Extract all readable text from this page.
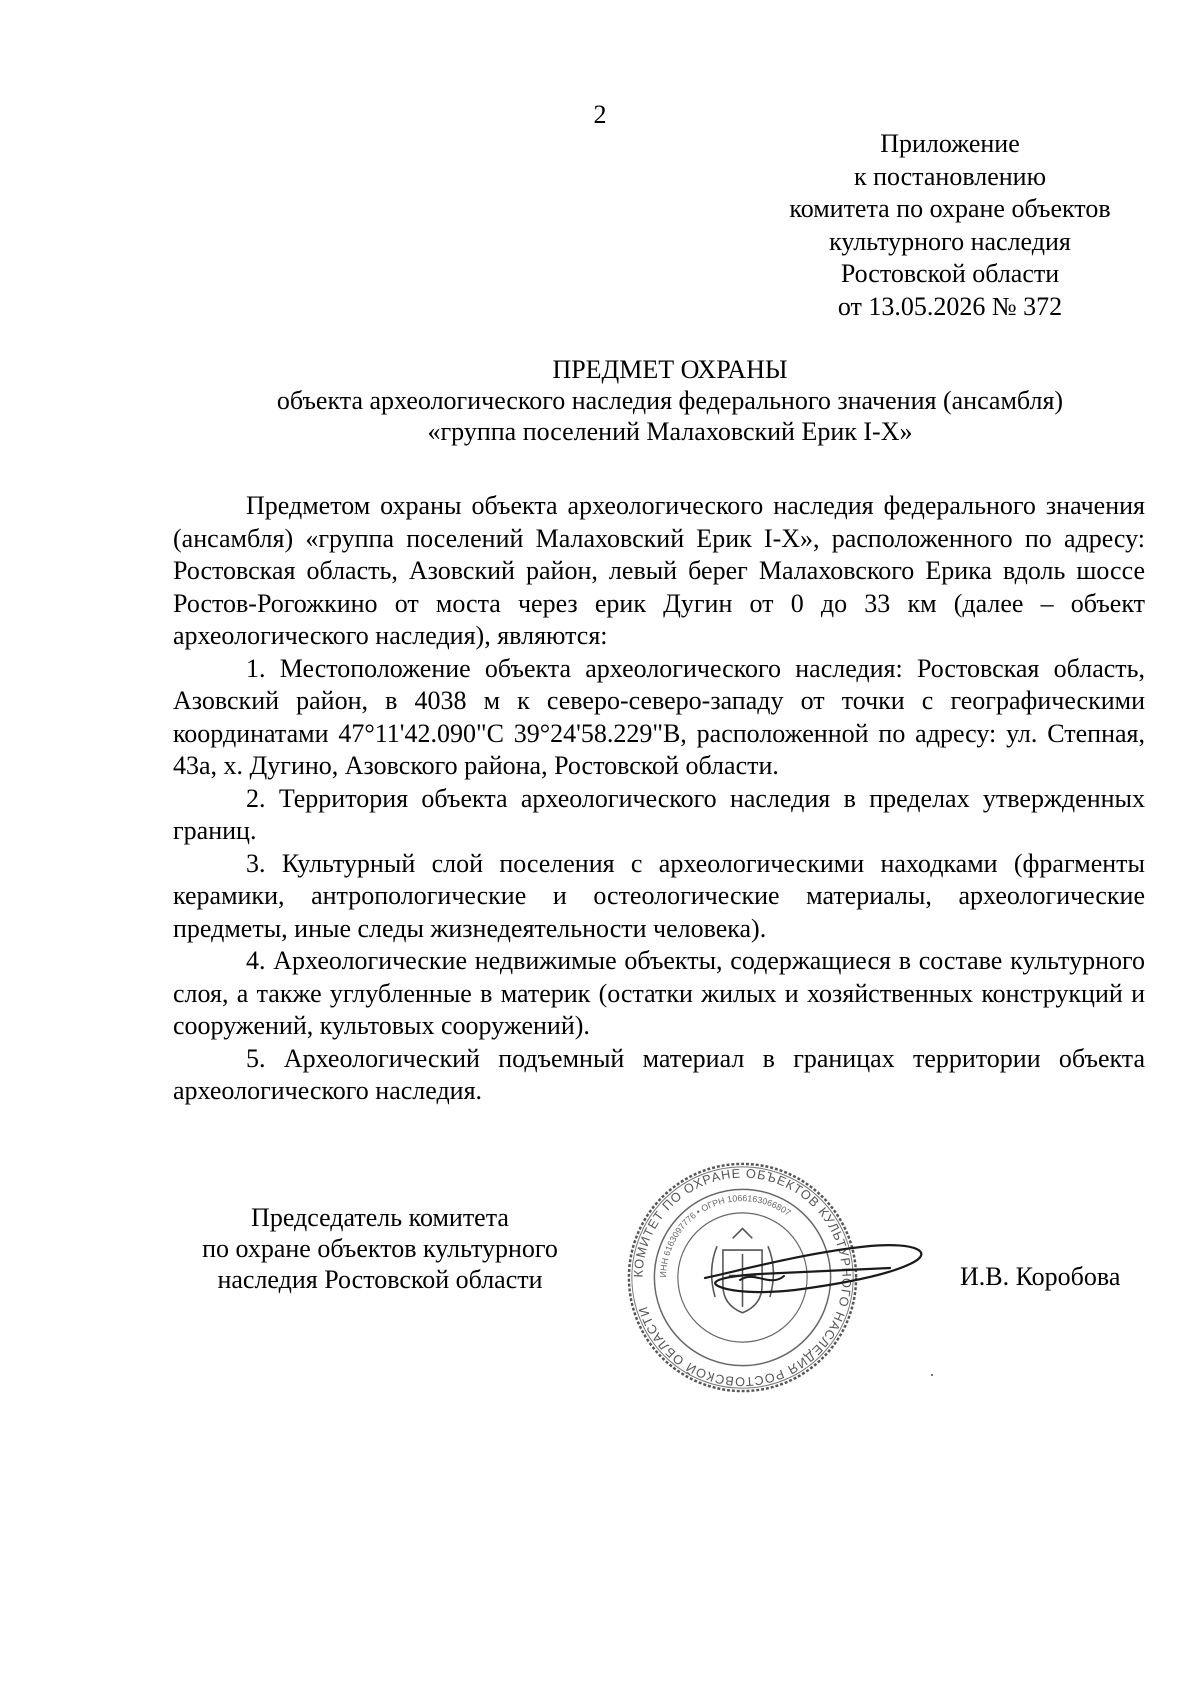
2
Приложение
к постановлению
комитета по охране объектов
культурного наследия
Ростовской области
от 13.05.2026 № 372
ПРЕДМЕТ ОХРАНЫ
объекта археологического наследия федерального значения (ансамбля)
«группа поселений Малаховский Ерик I-X»

Предметом охраны объекта археологического наследия федерального значения (ансамбля) «группа поселений Малаховский Ерик I-X», расположенного по адресу: Ростовская область, Азовский район, левый берег Малаховского Ерика вдоль шоссе Ростов-Рогожкино от моста через ерик Дугин от 0 до 33 км (далее – объект археологического наследия), являются:

1. Местоположение объекта археологического наследия: Ростовская область, Азовский район, в 4038 м к северо-северо-западу от точки с географическими координатами 47°11'42.090"С 39°24'58.229"В, расположенной по адресу: ул. Степная, 43а, х. Дугино, Азовского района, Ростовской области.

2. Территория объекта археологического наследия в пределах утвержденных границ.

3. Культурный слой поселения с археологическими находками (фрагменты керамики, антропологические и остеологические материалы, археологические предметы, иные следы жизнедеятельности человека).

4. Археологические недвижимые объекты, содержащиеся в составе культурного слоя, а также углубленные в материк (остатки жилых и хозяйственных конструкций и сооружений, культовых сооружений).

5. Археологический подъемный материал в границах территории объекта археологического наследия.

Председатель комитета
по охране объектов культурного
наследия Ростовской области	КОМИТЕТ ПО ОХРАНЕ ОБЪЕКТОВ КУЛЬТУРНОГО НАСЛЕДИЯ РОСТОВСКОЙ ОБЛАСТИ
ИНН 6163097776 • ОГРН 1066163066807
И.В. Коробова
